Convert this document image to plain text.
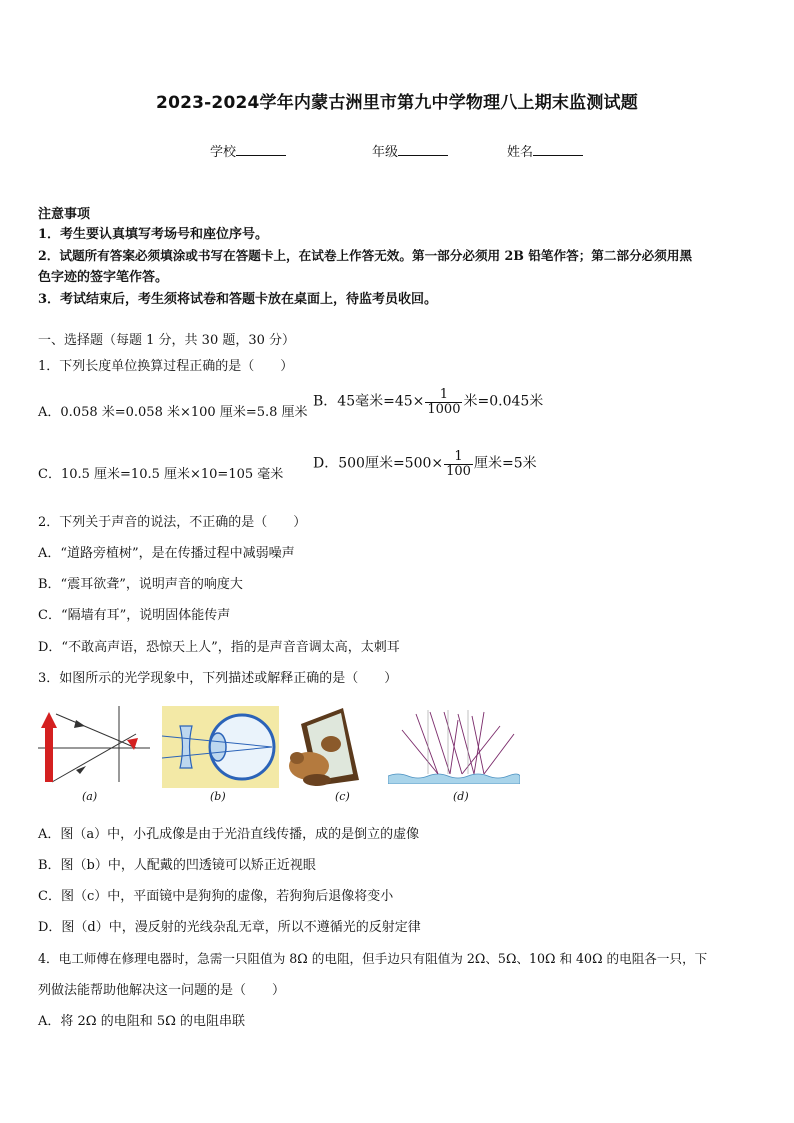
2023-2024学年内蒙古洲里市第九中学物理八上期末监测试题
学校	年级	姓名
注意事项
1．考生要认真填写考场号和座位序号。
2．试题所有答案必须填涂或书写在答题卡上，在试卷上作答无效。第一部分必须用 2B 铅笔作答；第二部分必须用黑
色字迹的签字笔作答。
3．考试结束后，考生须将试卷和答题卡放在桌面上，待监考员收回。
一、选择题（每题 1 分，共 30 题，30 分）
1．下列长度单位换算过程正确的是（　　）
A．0.058 米=0.058 米×100 厘米=5.8 厘米
B．45毫米$=45\times \frac{1}{1000}$ 米=0.045米
C．10.5 厘米=10.5 厘米×10=105 毫米
D．500厘米$=500\times \frac{1}{100}$ 厘米=5米
2．下列关于声音的说法，不正确的是（　　）
A．“道路旁植树”，是在传播过程中减弱噪声
B．“震耳欲聋”，说明声音的响度大
C．“隔墙有耳”，说明固体能传声
D．“不敢高声语，恐惊天上人”，指的是声音音调太高，太刺耳
3．如图所示的光学现象中，下列描述或解释正确的是（　　）
(a)	(b)	(c)	(d)
A．图（a）中，小孔成像是由于光沿直线传播，成的是倒立的虚像
B．图（b）中，人配戴的凹透镜可以矫正近视眼
C．图（c）中，平面镜中是狗狗的虚像，若狗狗后退像将变小
D．图（d）中，漫反射的光线杂乱无章，所以不遵循光的反射定律
4．电工师傅在修理电器时，急需一只阻值为 8Ω 的电阻，但手边只有阻值为 2Ω、5Ω、10Ω 和 40Ω 的电阻各一只，下
列做法能帮助他解决这一问题的是（　　）
A．将 2Ω 的电阻和 5Ω 的电阻串联
